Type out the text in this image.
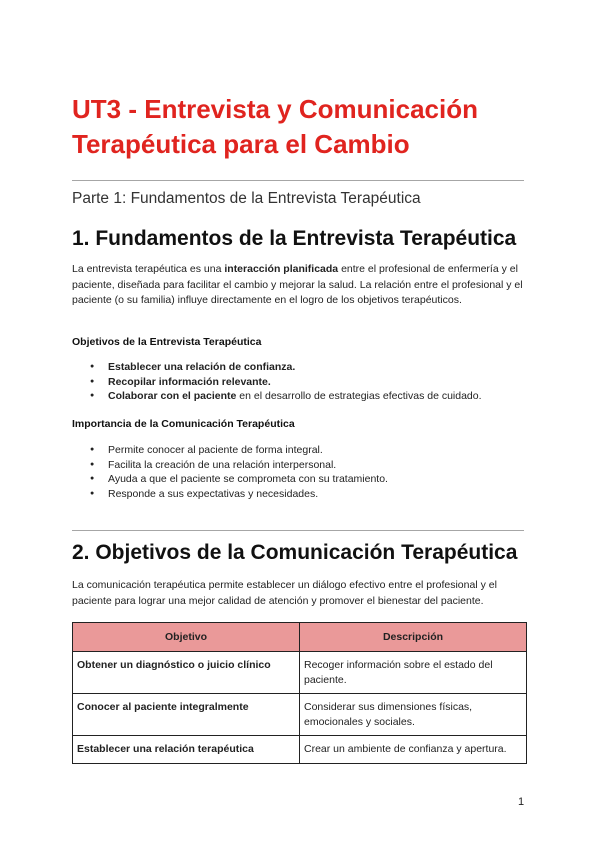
UT3 - Entrevista y Comunicación Terapéutica para el Cambio

Parte 1: Fundamentos de la Entrevista Terapéutica

1. Fundamentos de la Entrevista Terapéutica

La entrevista terapéutica es una interacción planificada entre el profesional de enfermería y el paciente, diseñada para facilitar el cambio y mejorar la salud. La relación entre el profesional y el paciente (o su familia) influye directamente en el logro de los objetivos terapéuticos.

Objetivos de la Entrevista Terapéutica

● Establecer una relación de confianza.
● Recopilar información relevante.
● Colaborar con el paciente en el desarrollo de estrategias efectivas de cuidado.

Importancia de la Comunicación Terapéutica

● Permite conocer al paciente de forma integral.
● Facilita la creación de una relación interpersonal.
● Ayuda a que el paciente se comprometa con su tratamiento.
● Responde a sus expectativas y necesidades.
2. Objetivos de la Comunicación Terapéutica

La comunicación terapéutica permite establecer un diálogo efectivo entre el profesional y el paciente para lograr una mejor calidad de atención y promover el bienestar del paciente.

Objetivo	Descripción
Obtener un diagnóstico o juicio clínico	Recoger información sobre el estado del paciente.
Conocer al paciente integralmente	Considerar sus dimensiones físicas, emocionales y sociales.
Establecer una relación terapéutica	Crear un ambiente de confianza y apertura.
1
